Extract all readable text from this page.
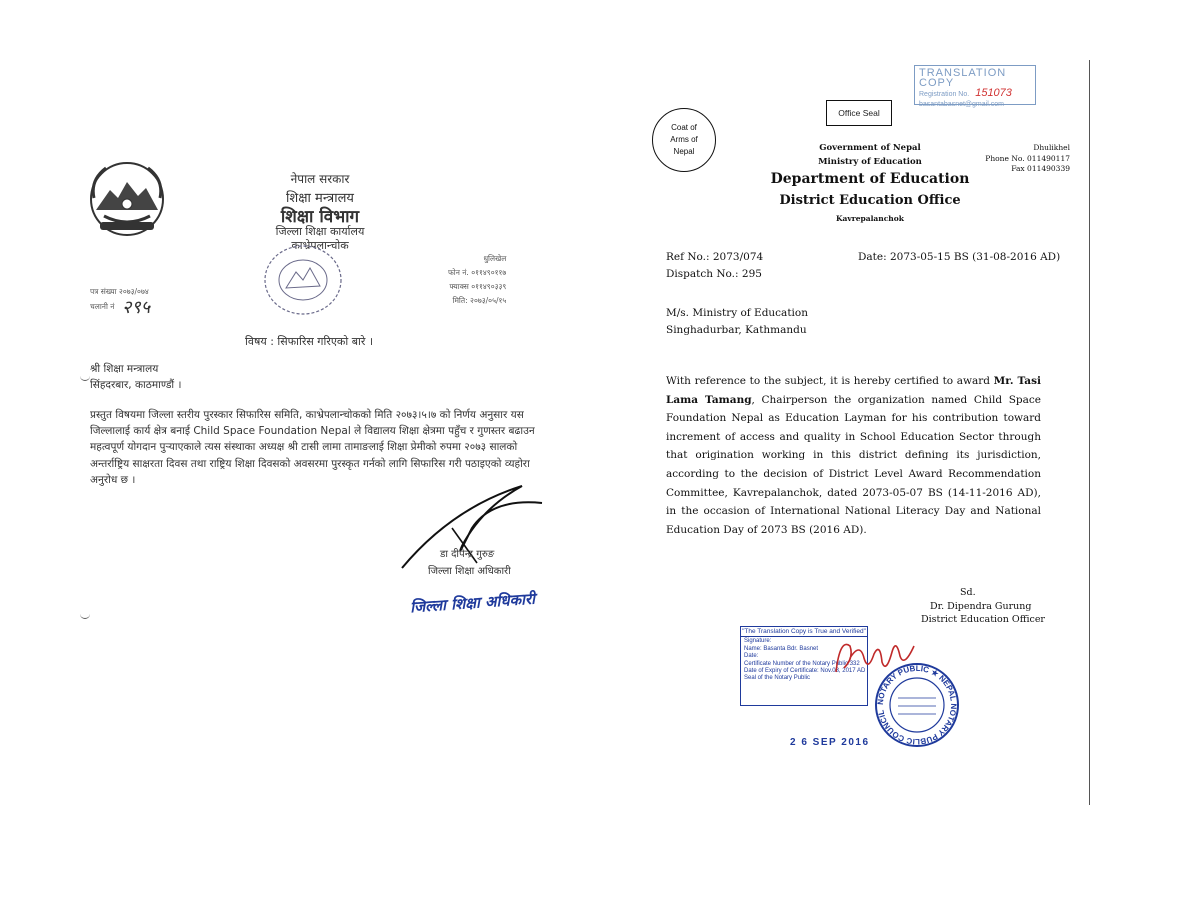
नेपाल सरकार
शिक्षा मन्त्रालय
शिक्षा विभाग
जिल्ला शिक्षा कार्यालय
काभ्रेपलान्चोक
धुलिखेल
फोन नं. ०११४९०११७
फ्याक्स ०११४९०३३९
मिति: २०७३/०५/१५
पत्र संख्या २०७३/०७४
चलानी नं २९५
विषय : सिफारिस गरिएको बारे ।
श्री शिक्षा मन्त्रालय
सिंहदरबार, काठमाण्डौं ।
प्रस्तुत विषयमा जिल्ला स्तरीय पुरस्कार सिफारिस समिति, काभ्रेपलान्चोकको मिति २०७३।५।७ को निर्णय अनुसार यस जिल्लालाई कार्य क्षेत्र बनाई Child Space Foundation Nepal ले विद्यालय शिक्षा क्षेत्रमा पहुँच र गुणस्तर बढाउन महत्वपूर्ण योगदान पुऱ्याएकाले त्यस संस्थाका अध्यक्ष श्री टासी लामा तामाङलाई शिक्षा प्रेमीको रुपमा २०७३ सालको अन्तर्राष्ट्रिय साक्षरता दिवस तथा राष्ट्रिय शिक्षा दिवसको अवसरमा पुरस्कृत गर्नको लागि सिफारिस गरी पठाइएको व्यहोरा अनुरोध छ ।
डा दीपेन्द्र गुरुङ
जिल्ला शिक्षा अधिकारी
जिल्ला शिक्षा अधिकारी
TRANSLATION COPY
Registration No. 151073
basantabasnet@gmail.com
Coat of Arms of Nepal
Office Seal
Government of Nepal
Ministry of Education
Department of Education
District Education Office
Kavrepalanchok
Dhulikhel
Phone No. 011490117
Fax 011490339
Ref No.: 2073/074
Dispatch No.: 295
Date: 2073-05-15 BS (31-08-2016 AD)
M/s. Ministry of Education
Singhadurbar, Kathmandu
With reference to the subject, it is hereby certified to award Mr. Tasi Lama Tamang, Chairperson the organization named Child Space Foundation Nepal as Education Layman for his contribution toward increment of access and quality in School Education Sector through that origination working in this district defining its jurisdiction, according to the decision of District Level Award Recommendation Committee, Kavrepalanchok, dated 2073-05-07 BS (14-11-2016 AD), in the occasion of International National Literacy Day and National Education Day of 2073 BS (2016 AD).
Sd.
Dr. Dipendra Gurung
District Education Officer
"The Translation Copy is True and Verified"
Signature:
Name: Basanta Bdr. Basnet
Date:
Certificate Number of the Notary Public:332
Date of Expiry of Certificate: Nov.03, 2017 AD
Seal of the Notary Public
NOTARY PUBLIC ★ NEPAL NOTARY PUBLIC COUNCIL
2 6 SEP 2016
